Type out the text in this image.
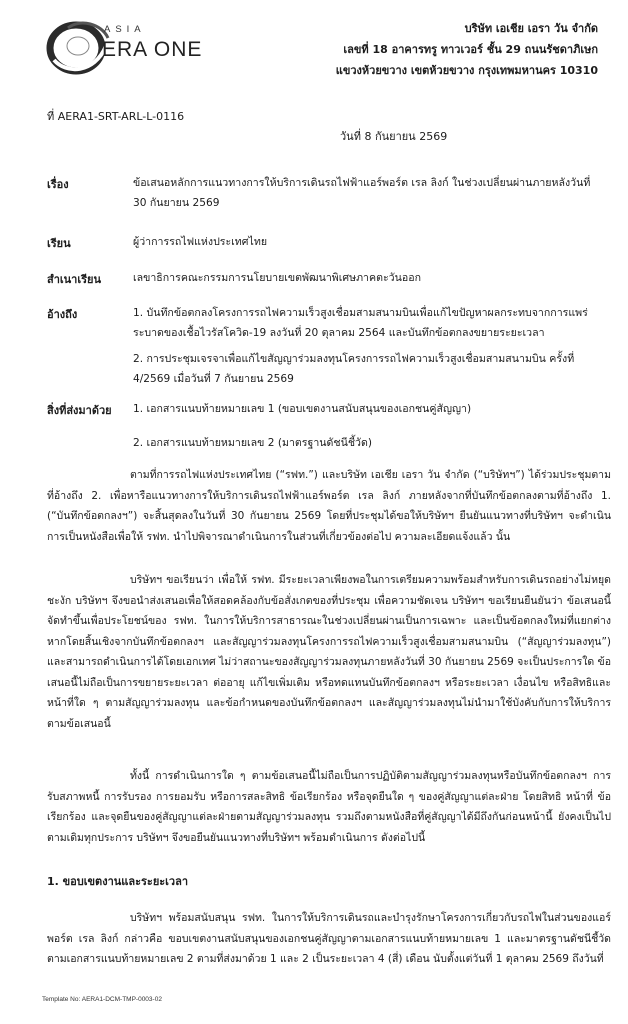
ASIA
ERA ONE
บริษัท เอเชีย เอรา วัน จำกัด
เลขที่ 18 อาคารทรู ทาวเวอร์ ชั้น 29 ถนนรัชดาภิเษก
แขวงห้วยขวาง เขตห้วยขวาง กรุงเทพมหานคร 10310
ที่ AERA1-SRT-ARL-L-0116
วันที่ 8 กันยายน 2569
เรื่อง	ข้อเสนอหลักการแนวทางการให้บริการเดินรถไฟฟ้าแอร์พอร์ต เรล ลิงก์ ในช่วงเปลี่ยนผ่านภายหลังวันที่ 30 กันยายน 2569
เรียน	ผู้ว่าการรถไฟแห่งประเทศไทย
สำเนาเรียน	เลขาธิการคณะกรรมการนโยบายเขตพัฒนาพิเศษภาคตะวันออก
อ้างถึง	1. บันทึกข้อตกลงโครงการรถไฟความเร็วสูงเชื่อมสามสนามบินเพื่อแก้ไขปัญหาผลกระทบจากการแพร่ระบาดของเชื้อไวรัสโควิด-19 ลงวันที่ 20 ตุลาคม 2564 และบันทึกข้อตกลงขยายระยะเวลา
2. การประชุมเจรจาเพื่อแก้ไขสัญญาร่วมลงทุนโครงการรถไฟความเร็วสูงเชื่อมสามสนามบิน ครั้งที่ 4/2569 เมื่อวันที่ 7 กันยายน 2569
สิ่งที่ส่งมาด้วย 1. เอกสารแนบท้ายหมายเลข 1 (ขอบเขตงานสนับสนุนของเอกชนคู่สัญญา)
2. เอกสารแนบท้ายหมายเลข 2 (มาตรฐานดัชนีชี้วัด)
ตามที่การรถไฟแห่งประเทศไทย (“รฟท.”) และบริษัท เอเชีย เอรา วัน จำกัด (“บริษัทฯ”) ได้ร่วมประชุมตามที่อ้างถึง 2. เพื่อหารือแนวทางการให้บริการเดินรถไฟฟ้าแอร์พอร์ต เรล ลิงก์ ภายหลังจากที่บันทึกข้อตกลงตามที่อ้างถึง 1. (“บันทึกข้อตกลงฯ”) จะสิ้นสุดลงในวันที่ 30 กันยายน 2569 โดยที่ประชุมได้ขอให้บริษัทฯ ยืนยันแนวทางที่บริษัทฯ จะดำเนินการเป็นหนังสือเพื่อให้ รฟท. นำไปพิจารณาดำเนินการในส่วนที่เกี่ยวข้องต่อไป ความละเอียดแจ้งแล้ว นั้น
บริษัทฯ ขอเรียนว่า เพื่อให้ รฟท. มีระยะเวลาเพียงพอในการเตรียมความพร้อมสำหรับการเดินรถอย่างไม่หยุดชะงัก บริษัทฯ จึงขอนำส่งเสนอเพื่อให้สอดคล้องกับข้อสั่งเกตของที่ประชุม เพื่อความชัดเจน บริษัทฯ ขอเรียนยืนยันว่า ข้อเสนอนี้จัดทำขึ้นเพื่อประโยชน์ของ รฟท. ในการให้บริการสาธารณะในช่วงเปลี่ยนผ่านเป็นการเฉพาะ และเป็นข้อตกลงใหม่ที่แยกต่างหากโดยสิ้นเชิงจากบันทึกข้อตกลงฯ และสัญญาร่วมลงทุนโครงการรถไฟความเร็วสูงเชื่อมสามสนามบิน (“สัญญาร่วมลงทุน”) และสามารถดำเนินการได้โดยเอกเทศ ไม่ว่าสถานะของสัญญาร่วมลงทุนภายหลังวันที่ 30 กันยายน 2569 จะเป็นประการใด ข้อเสนอนี้ไม่ถือเป็นการขยายระยะเวลา ต่ออายุ แก้ไขเพิ่มเติม หรือทดแทนบันทึกข้อตกลงฯ หรือระยะเวลา เงื่อนไข หรือสิทธิและหน้าที่ใด ๆ ตามสัญญาร่วมลงทุน และข้อกำหนดของบันทึกข้อตกลงฯ และสัญญาร่วมลงทุนไม่นำมาใช้บังคับกับการให้บริการตามข้อเสนอนี้
ทั้งนี้ การดำเนินการใด ๆ ตามข้อเสนอนี้ไม่ถือเป็นการปฏิบัติตามสัญญาร่วมลงทุนหรือบันทึกข้อตกลงฯ การรับสภาพหนี้ การรับรอง การยอมรับ หรือการสละสิทธิ ข้อเรียกร้อง หรือจุดยืนใด ๆ ของคู่สัญญาแต่ละฝ่าย โดยสิทธิ หน้าที่ ข้อเรียกร้อง และจุดยืนของคู่สัญญาแต่ละฝ่ายตามสัญญาร่วมลงทุน รวมถึงตามหนังสือที่คู่สัญญาได้มีถึงกันก่อนหน้านี้ ยังคงเป็นไปตามเดิมทุกประการ บริษัทฯ จึงขอยืนยันแนวทางที่บริษัทฯ พร้อมดำเนินการ ดังต่อไปนี้
1. ขอบเขตงานและระยะเวลา
บริษัทฯ พร้อมสนับสนุน รฟท. ในการให้บริการเดินรถและบำรุงรักษาโครงการเกี่ยวกับรถไฟในส่วนของแอร์พอร์ต เรล ลิงก์ กล่าวคือ ขอบเขตงานสนับสนุนของเอกชนคู่สัญญาตามเอกสารแนบท้ายหมายเลข 1 และมาตรฐานดัชนีชี้วัดตามเอกสารแนบท้ายหมายเลข 2 ตามที่ส่งมาด้วย 1 และ 2 เป็นระยะเวลา 4 (สี่) เดือน นับตั้งแต่วันที่ 1 ตุลาคม 2569 ถึงวันที่
Template No: AERA1-DCM-TMP-0003-02
